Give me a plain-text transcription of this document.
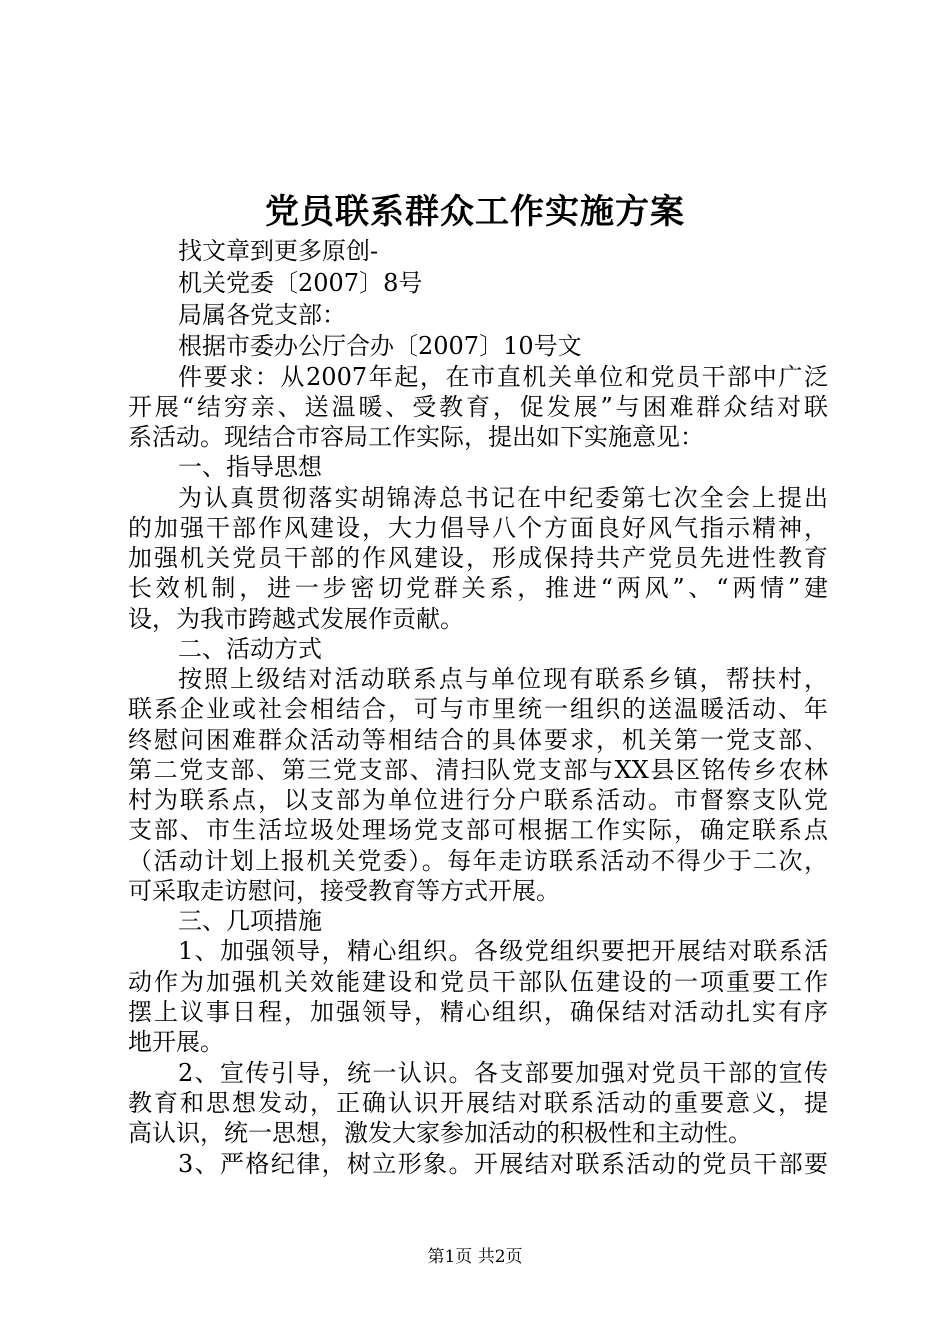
党员联系群众工作实施方案
找文章到更多原创-
机关党委〔2007〕8号
局属各党支部：
根据市委办公厅合办〔2007〕10号文
件要求：从2007年起，在市直机关单位和党员干部中广泛
开展“结穷亲、送温暖、受教育，促发展”与困难群众结对联
系活动。现结合市容局工作实际，提出如下实施意见：
一、指导思想
为认真贯彻落实胡锦涛总书记在中纪委第七次全会上提出
的加强干部作风建设，大力倡导八个方面良好风气指示精神，
加强机关党员干部的作风建设，形成保持共产党员先进性教育
长效机制，进一步密切党群关系，推进“两风”、“两情”建
设，为我市跨越式发展作贡献。
二、活动方式
按照上级结对活动联系点与单位现有联系乡镇，帮扶村，
联系企业或社会相结合，可与市里统一组织的送温暖活动、年
终慰问困难群众活动等相结合的具体要求，机关第一党支部、
第二党支部、第三党支部、清扫队党支部与XX县区铭传乡农林
村为联系点，以支部为单位进行分户联系活动。市督察支队党
支部、市生活垃圾处理场党支部可根据工作实际，确定联系点
（活动计划上报机关党委）。每年走访联系活动不得少于二次，
可采取走访慰问，接受教育等方式开展。
三、几项措施
1、加强领导，精心组织。各级党组织要把开展结对联系活
动作为加强机关效能建设和党员干部队伍建设的一项重要工作
摆上议事日程，加强领导，精心组织，确保结对活动扎实有序
地开展。
2、宣传引导，统一认识。各支部要加强对党员干部的宣传
教育和思想发动，正确认识开展结对联系活动的重要意义，提
高认识，统一思想，激发大家参加活动的积极性和主动性。
3、严格纪律，树立形象。开展结对联系活动的党员干部要
第1页 共2页
